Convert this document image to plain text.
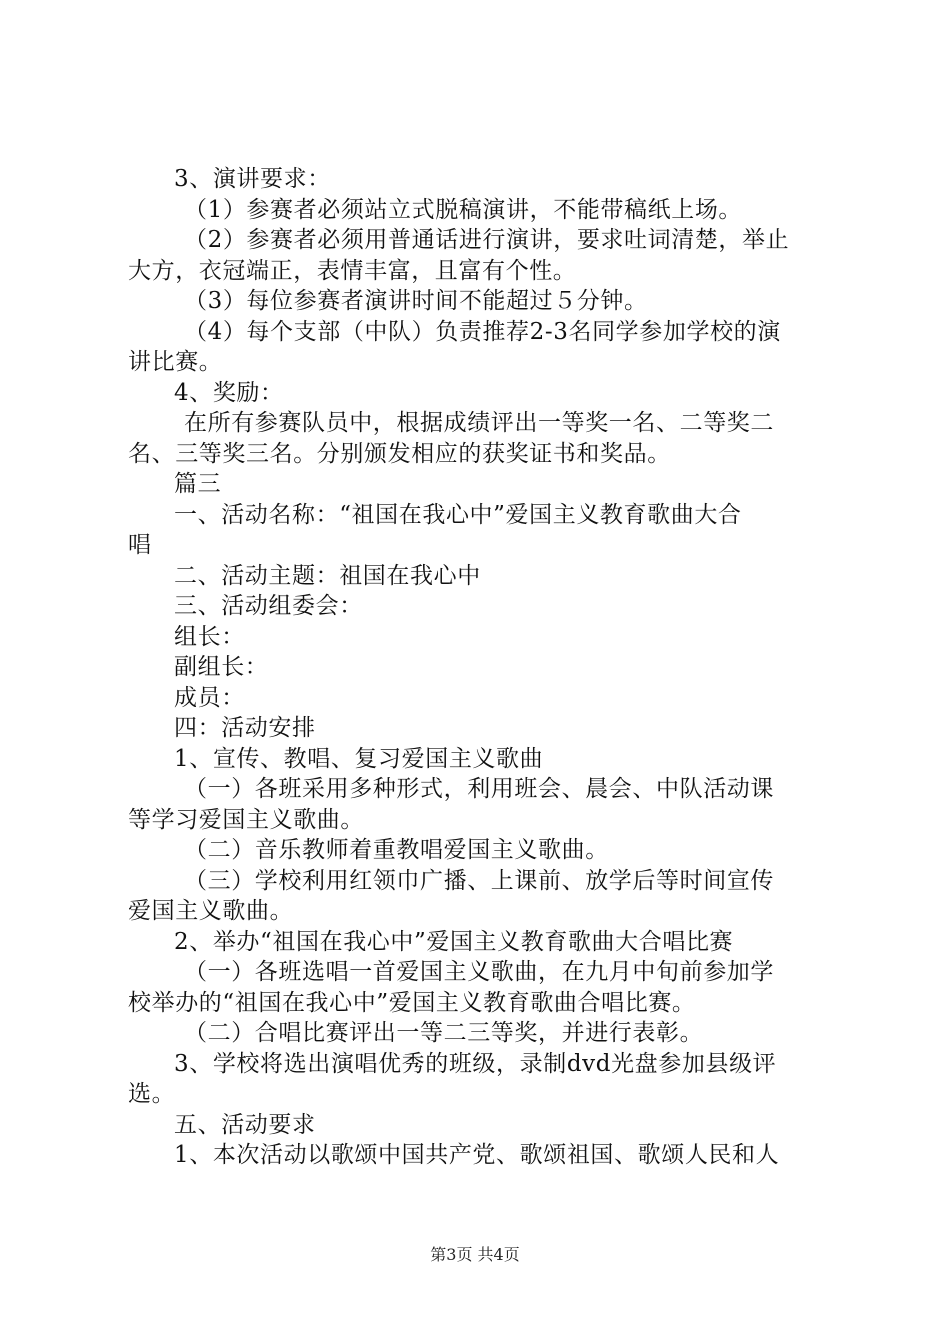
3、演讲要求：
（1）参赛者必须站立式脱稿演讲，不能带稿纸上场。
（2）参赛者必须用普通话进行演讲，要求吐词清楚，举止
大方，衣冠端正，表情丰富，且富有个性。
（3）每位参赛者演讲时间不能超过５分钟。
（4）每个支部（中队）负责推荐2-3名同学参加学校的演
讲比赛。
4、奖励：
在所有参赛队员中，根据成绩评出一等奖一名、二等奖二
名、三等奖三名。分别颁发相应的获奖证书和奖品。
篇三
一、活动名称：“祖国在我心中”爱国主义教育歌曲大合
唱
二、活动主题：祖国在我心中
三、活动组委会：
组长：
副组长：
成员：
四：活动安排
1、宣传、教唱、复习爱国主义歌曲
（一）各班采用多种形式，利用班会、晨会、中队活动课
等学习爱国主义歌曲。
（二）音乐教师着重教唱爱国主义歌曲。
（三）学校利用红领巾广播、上课前、放学后等时间宣传
爱国主义歌曲。
2、举办“祖国在我心中”爱国主义教育歌曲大合唱比赛
（一）各班选唱一首爱国主义歌曲，在九月中旬前参加学
校举办的“祖国在我心中”爱国主义教育歌曲合唱比赛。
（二）合唱比赛评出一等二三等奖，并进行表彰。
3、学校将选出演唱优秀的班级，录制dvd光盘参加县级评
选。
五、活动要求
1、本次活动以歌颂中国共产党、歌颂祖国、歌颂人民和人
第3页 共4页
